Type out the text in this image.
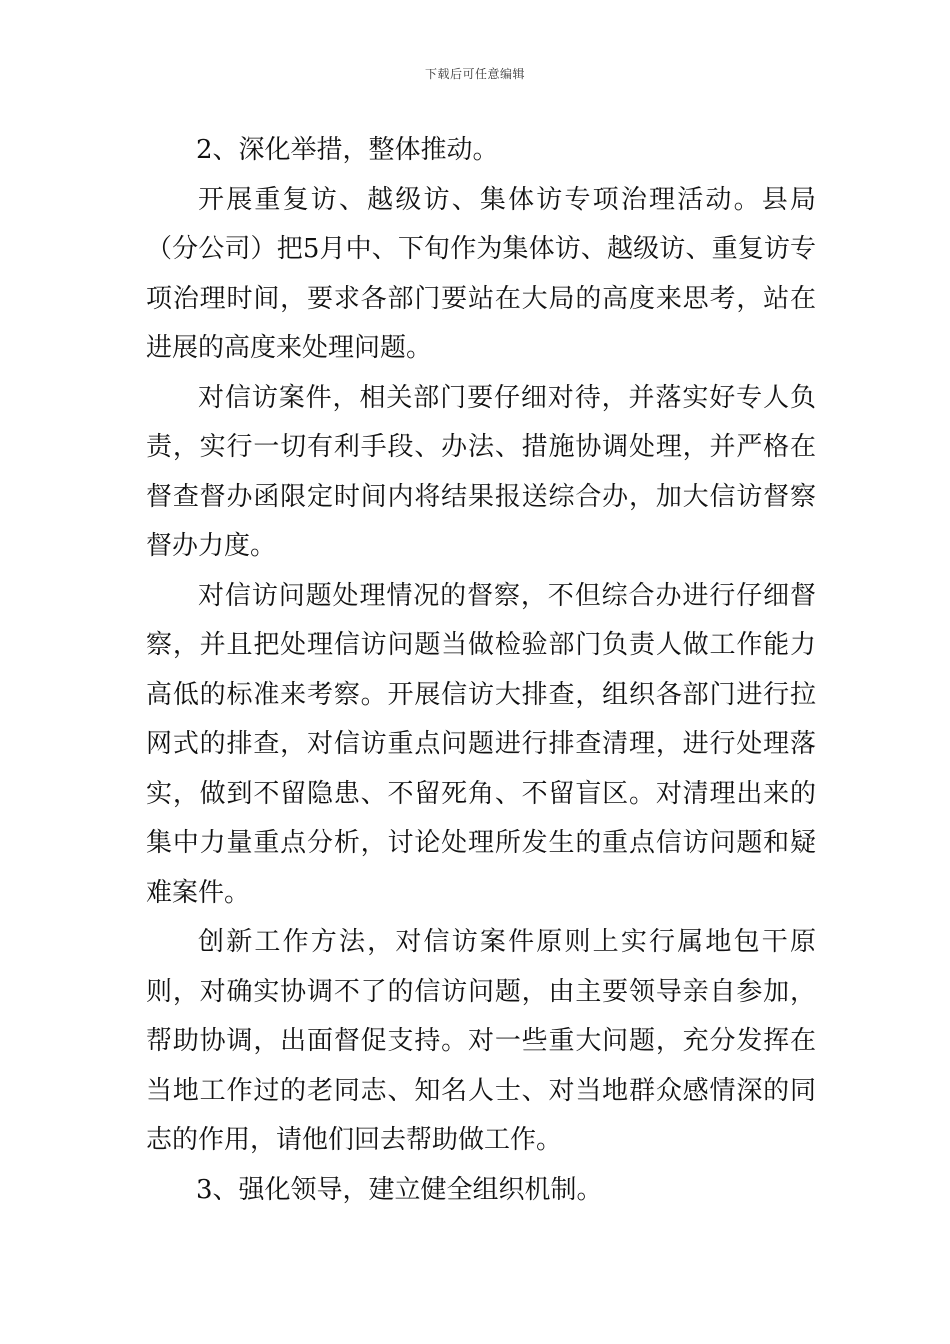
下载后可任意编辑

2、深化举措，整体推动。

开展重复访、越级访、集体访专项治理活动。县局（分公司）把5月中、下旬作为集体访、越级访、重复访专项治理时间，要求各部门要站在大局的高度来思考，站在进展的高度来处理问题。

对信访案件，相关部门要仔细对待，并落实好专人负责，实行一切有利手段、办法、措施协调处理，并严格在督查督办函限定时间内将结果报送综合办，加大信访督察督办力度。

对信访问题处理情况的督察，不但综合办进行仔细督察，并且把处理信访问题当做检验部门负责人做工作能力高低的标准来考察。开展信访大排查，组织各部门进行拉网式的排查，对信访重点问题进行排查清理，进行处理落实，做到不留隐患、不留死角、不留盲区。对清理出来的集中力量重点分析，讨论处理所发生的重点信访问题和疑难案件。

创新工作方法，对信访案件原则上实行属地包干原则，对确实协调不了的信访问题，由主要领导亲自参加，帮助协调，出面督促支持。对一些重大问题，充分发挥在当地工作过的老同志、知名人士、对当地群众感情深的同志的作用，请他们回去帮助做工作。

3、强化领导，建立健全组织机制。
